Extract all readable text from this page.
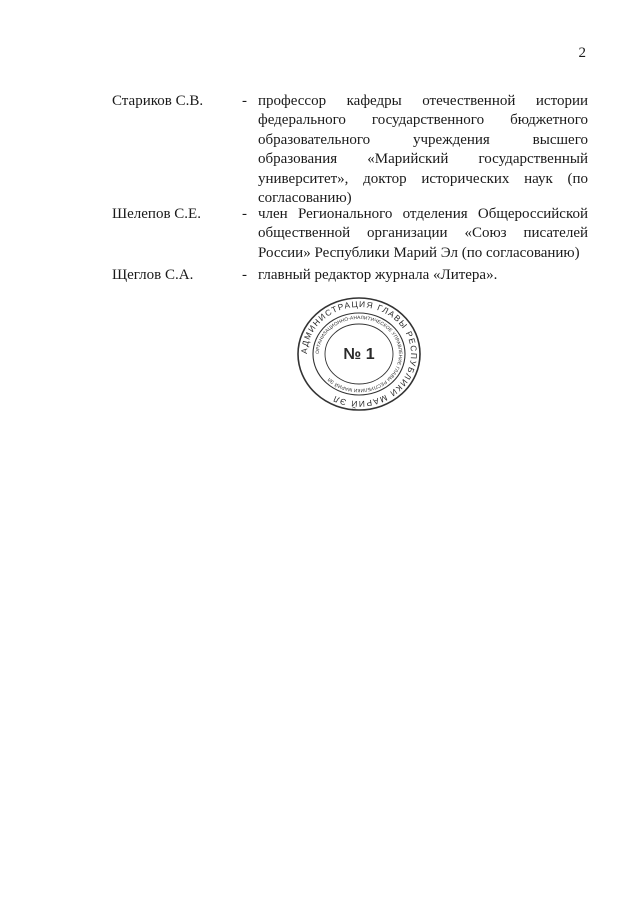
2
Стариков С.В.	- профессор кафедры отечественной истории федерального государственного бюджетного образовательного учреждения высшего образования «Марийский государственный университет», доктор исторических наук (по согласованию)

Шелепов С.Е.	- член Регионального отделения Общероссийской общественной организации «Союз писателей России» Республики Марий Эл (по согласованию)

Щеглов С.А.	- главный редактор журнала «Литера».

АДМИНИСТРАЦИЯ ГЛАВЫ РЕСПУБЛИКИ МАРИЙ ЭЛ
ОРГАНИЗАЦИОННО-АНАЛИТИЧЕСКОЕ УПРАВЛЕНИЕ ГЛАВЫ РЕСПУБЛИКИ МАРИЙ ЭЛ
№ 1
